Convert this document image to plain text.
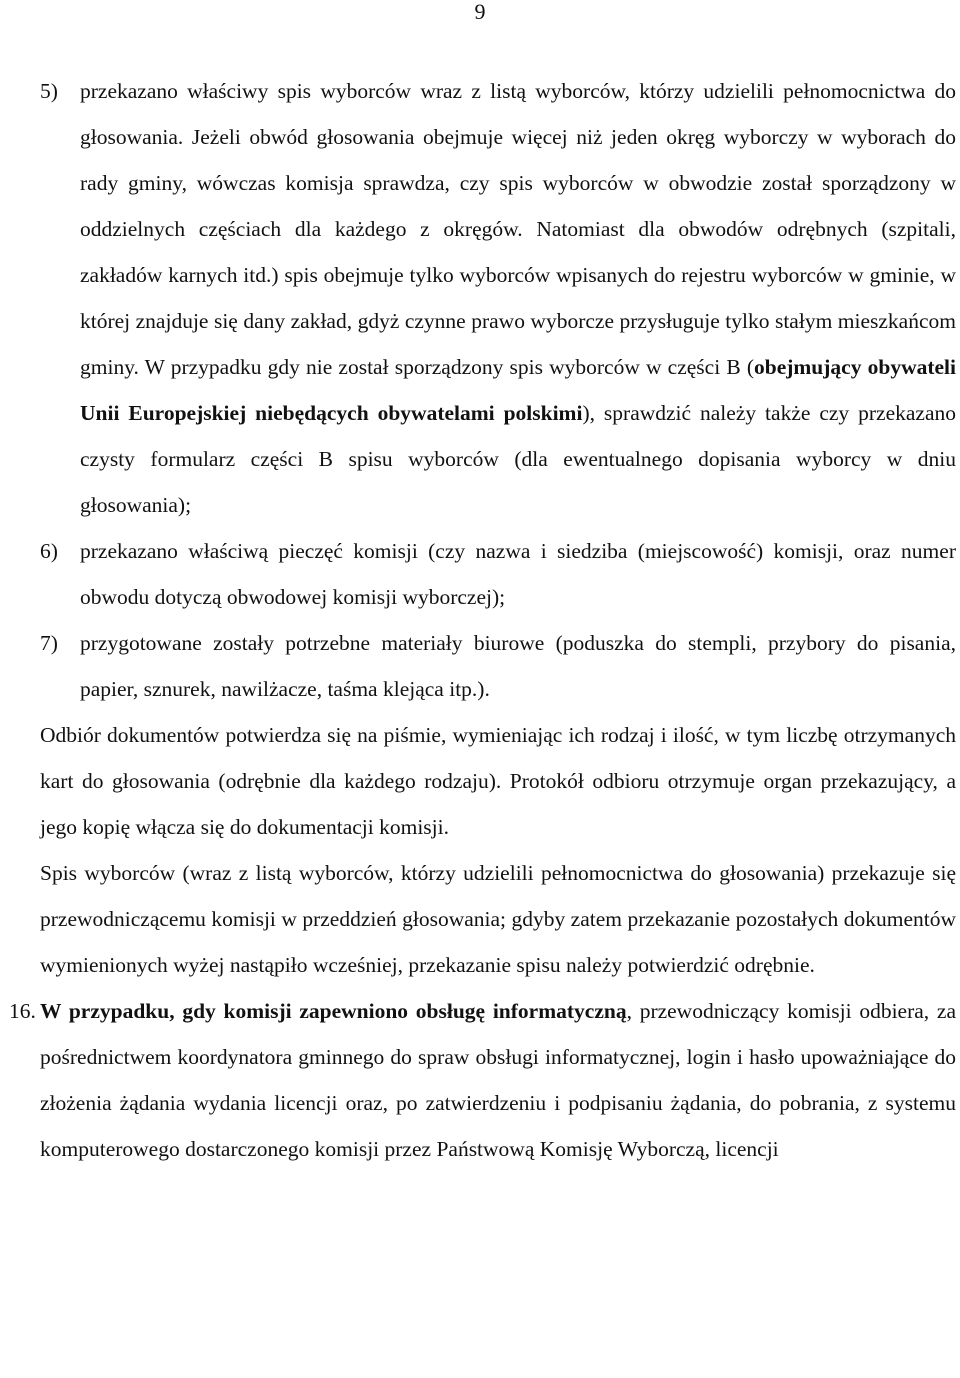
9
5) przekazano właściwy spis wyborców wraz z listą wyborców, którzy udzielili pełnomocnictwa do głosowania. Jeżeli obwód głosowania obejmuje więcej niż jeden okręg wyborczy w wyborach do rady gminy, wówczas komisja sprawdza, czy spis wyborców w obwodzie został sporządzony w oddzielnych częściach dla każdego z okręgów. Natomiast dla obwodów odrębnych (szpitali, zakładów karnych itd.) spis obejmuje tylko wyborców wpisanych do rejestru wyborców w gminie, w której znajduje się dany zakład, gdyż czynne prawo wyborcze przysługuje tylko stałym mieszkańcom gminy. W przypadku gdy nie został sporządzony spis wyborców w części B (obejmujący obywateli Unii Europejskiej niebędących obywatelami polskimi), sprawdzić należy także czy przekazano czysty formularz części B spisu wyborców (dla ewentualnego dopisania wyborcy w dniu głosowania);

6) przekazano właściwą pieczęć komisji (czy nazwa i siedziba (miejscowość) komisji, oraz numer obwodu dotyczą obwodowej komisji wyborczej);

7) przygotowane zostały potrzebne materiały biurowe (poduszka do stempli, przybory do pisania, papier, sznurek, nawilżacze, taśma klejąca itp.).

Odbiór dokumentów potwierdza się na piśmie, wymieniając ich rodzaj i ilość, w tym liczbę otrzymanych kart do głosowania (odrębnie dla każdego rodzaju). Protokół odbioru otrzymuje organ przekazujący, a jego kopię włącza się do dokumentacji komisji.

Spis wyborców (wraz z listą wyborców, którzy udzielili pełnomocnictwa do głosowania) przekazuje się przewodniczącemu komisji w przeddzień głosowania; gdyby zatem przekazanie pozostałych dokumentów wymienionych wyżej nastąpiło wcześniej, przekazanie spisu należy potwierdzić odrębnie.

16. W przypadku, gdy komisji zapewniono obsługę informatyczną, przewodniczący komisji odbiera, za pośrednictwem koordynatora gminnego do spraw obsługi informatycznej, login i hasło upoważniające do złożenia żądania wydania licencji oraz, po zatwierdzeniu i podpisaniu żądania, do pobrania, z systemu komputerowego dostarczonego komisji przez Państwową Komisję Wyborczą, licencji
